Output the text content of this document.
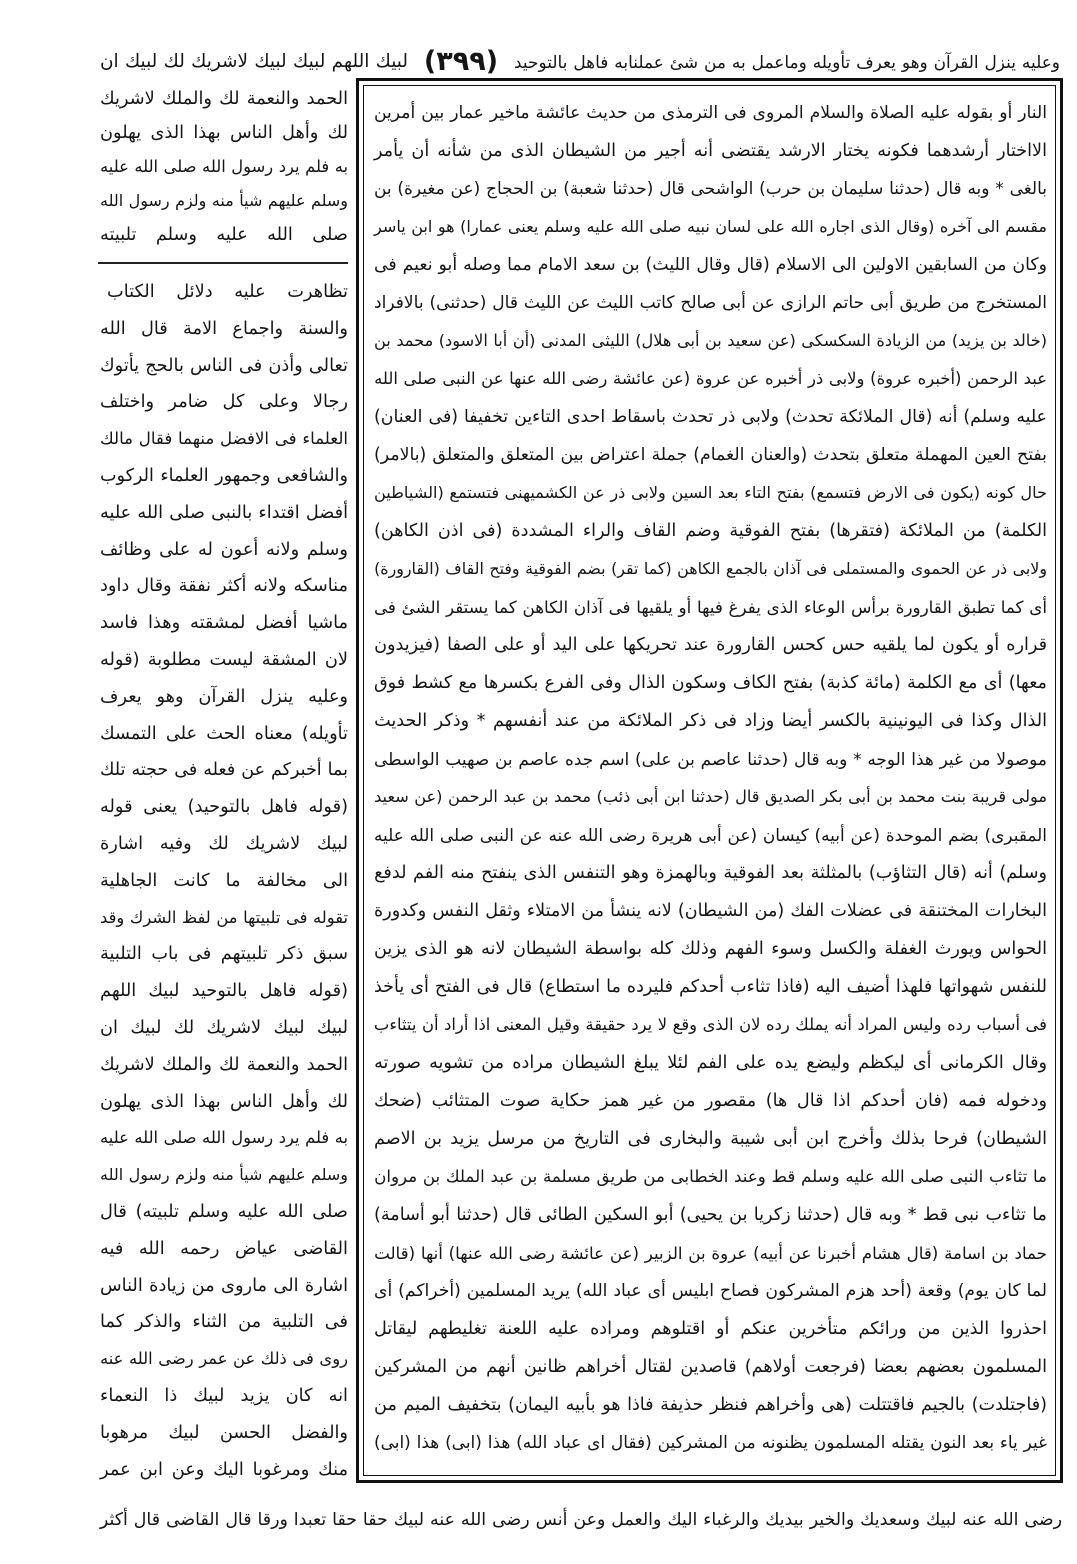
وعليه ينزل القرآن وهو يعرف تأويله وماعمل به من شئ عملنابه فاهل بالتوحيد
(٣٩٩)
لبيك اللهم لبيك لبيك لاشريك لك لبيك ان
الحمد والنعمة لك والملك لاشريك
لك وأهل الناس بهذا الذى يهلون
به فلم يرد رسول الله صلى الله عليه
وسلم عليهم شيأ منه ولزم رسول الله
صلى الله عليه وسلم تلبيته
تظاهرت عليه دلائل الكتاب
والسنة واجماع الامة قال الله
تعالى وأذن فى الناس بالحج يأتوك
رجالا وعلى كل ضامر واختلف
العلماء فى الافضل منهما فقال مالك
والشافعى وجمهور العلماء الركوب
أفضل اقتداء بالنبى صلى الله عليه
وسلم ولانه أعون له على وظائف
مناسكه ولانه أكثر نفقة وقال داود
ماشيا أفضل لمشقته وهذا فاسد
لان المشقة ليست مطلوبة (قوله
وعليه ينزل القرآن وهو يعرف
تأويله) معناه الحث على التمسك
بما أخبركم عن فعله فى حجته تلك
(قوله فاهل بالتوحيد) يعنى قوله
لبيك لاشريك لك وفيه اشارة
الى مخالفة ما كانت الجاهلية
تقوله فى تلبيتها من لفظ الشرك وقد
سبق ذكر تلبيتهم فى باب التلبية
(قوله فاهل بالتوحيد لبيك اللهم
لبيك لبيك لاشريك لك لبيك ان
الحمد والنعمة لك والملك لاشريك
لك وأهل الناس بهذا الذى يهلون
به فلم يرد رسول الله صلى الله عليه
وسلم عليهم شيأ منه ولزم رسول الله
صلى الله عليه وسلم تلبيته) قال
القاضى عياض رحمه الله فيه
اشارة الى ماروى من زيادة الناس
فى التلبية من الثناء والذكر كما
روى فى ذلك عن عمر رضى الله عنه
انه كان يزيد لبيك ذا النعماء
والفضل الحسن لبيك مرهوبا
منك ومرغوبا اليك وعن ابن عمر
النار أو بقوله عليه الصلاة والسلام المروى فى الترمذى من حديث عائشة ماخير عمار بين أمرين
الااختار أرشدهما فكونه يختار الارشد يقتضى أنه أجير من الشيطان الذى من شأنه أن يأمر
بالغى * وبه قال (حدثنا سليمان بن حرب) الواشحى قال (حدثنا شعبة) بن الحجاج (عن مغيرة) بن
مقسم الى آخره (وقال الذى اجاره الله على لسان نبيه صلى الله عليه وسلم يعنى عمارا) هو ابن ياسر
وكان من السابقين الاولين الى الاسلام (قال وقال الليث) بن سعد الامام مما وصله أبو نعيم فى
المستخرج من طريق أبى حاتم الرازى عن أبى صالح كاتب الليث عن الليث قال (حدثنى) بالافراد
(خالد بن يزيد) من الزيادة السكسكى (عن سعيد بن أبى هلال) الليثى المدنى (أن أبا الاسود) محمد بن
عبد الرحمن (أخبره عروة) ولابى ذر أخبره عن عروة (عن عائشة رضى الله عنها عن النبى صلى الله
عليه وسلم) أنه (قال الملائكة تحدث) ولابى ذر تحدث باسقاط احدى التاءين تخفيفا (فى العنان)
بفتح العين المهملة متعلق بتحدث (والعنان الغمام) جملة اعتراض بين المتعلق والمتعلق (بالامر)
حال كونه (يكون فى الارض فتسمع) بفتح التاء بعد السين ولابى ذر عن الكشميهنى فتستمع (الشياطين
الكلمة) من الملائكة (فتقرها) بفتح الفوقية وضم القاف والراء المشددة (فى اذن الكاهن)
ولابى ذر عن الحموى والمستملى فى آذان بالجمع الكاهن (كما تقر) بضم الفوقية وفتح القاف (القارورة)
أى كما تطبق القارورة برأس الوعاء الذى يفرغ فيها أو يلقيها فى آذان الكاهن كما يستقر الشئ فى
قراره أو يكون لما يلقيه حس كحس القارورة عند تحريكها على اليد أو على الصفا (فيزيدون
معها) أى مع الكلمة (مائة كذبة) بفتح الكاف وسكون الذال وفى الفرع بكسرها مع كشط فوق
الذال وكذا فى اليونينية بالكسر أيضا وزاد فى ذكر الملائكة من عند أنفسهم * وذكر الحديث
موصولا من غير هذا الوجه * وبه قال (حدثنا عاصم بن على) اسم جده عاصم بن صهيب الواسطى
مولى قريبة بنت محمد بن أبى بكر الصديق قال (حدثنا ابن أبى ذئب) محمد بن عبد الرحمن (عن سعيد
المقبرى) بضم الموحدة (عن أبيه) كيسان (عن أبى هريرة رضى الله عنه عن النبى صلى الله عليه
وسلم) أنه (قال التثاؤب) بالمثلثة بعد الفوقية وبالهمزة وهو التنفس الذى ينفتح منه الفم لدفع
البخارات المختنقة فى عضلات الفك (من الشيطان) لانه ينشأ من الامتلاء وثقل النفس وكدورة
الحواس ويورث الغفلة والكسل وسوء الفهم وذلك كله بواسطة الشيطان لانه هو الذى يزين
للنفس شهواتها فلهذا أضيف اليه (فاذا تثاءب أحدكم فليرده ما استطاع) قال فى الفتح أى يأخذ
فى أسباب رده وليس المراد أنه يملك رده لان الذى وقع لا يرد حقيقة وقيل المعنى اذا أراد أن يتثاءب
وقال الكرمانى أى ليكظم وليضع يده على الفم لئلا يبلغ الشيطان مراده من تشويه صورته
ودخوله فمه (فان أحدكم اذا قال ها) مقصور من غير همز حكاية صوت المتثائب (ضحك
الشيطان) فرحا بذلك وأخرج ابن أبى شيبة والبخارى فى التاريخ من مرسل يزيد بن الاصم
ما تثاءب النبى صلى الله عليه وسلم قط وعند الخطابى من طريق مسلمة بن عبد الملك بن مروان
ما تثاءب نبى قط * وبه قال (حدثنا زكريا بن يحيى) أبو السكين الطائى قال (حدثنا أبو أسامة)
حماد بن اسامة (قال هشام أخبرنا عن أبيه) عروة بن الزبير (عن عائشة رضى الله عنها) أنها (قالت
لما كان يوم) وقعة (أحد هزم المشركون فصاح ابليس أى عباد الله) يريد المسلمين (أخراكم) أى
احذروا الذين من ورائكم متأخرين عنكم أو اقتلوهم ومراده عليه اللعنة تغليطهم ليقاتل
المسلمون بعضهم بعضا (فرجعت أولاهم) قاصدين لقتال أخراهم ظانين أنهم من المشركين
(فاجتلدت) بالجيم فاقتتلت (هى وأخراهم فنظر حذيفة فاذا هو بأبيه اليمان) بتخفيف الميم من
غير ياء بعد النون يقتله المسلمون يظنونه من المشركين (فقال اى عباد الله) هذا (ابى) هذا (ابى)
رضى الله عنه لبيك وسعديك والخير بيديك والرغباء اليك والعمل وعن أنس رضى الله عنه لبيك حقا حقا تعبدا ورقا قال القاضى قال أكثر
